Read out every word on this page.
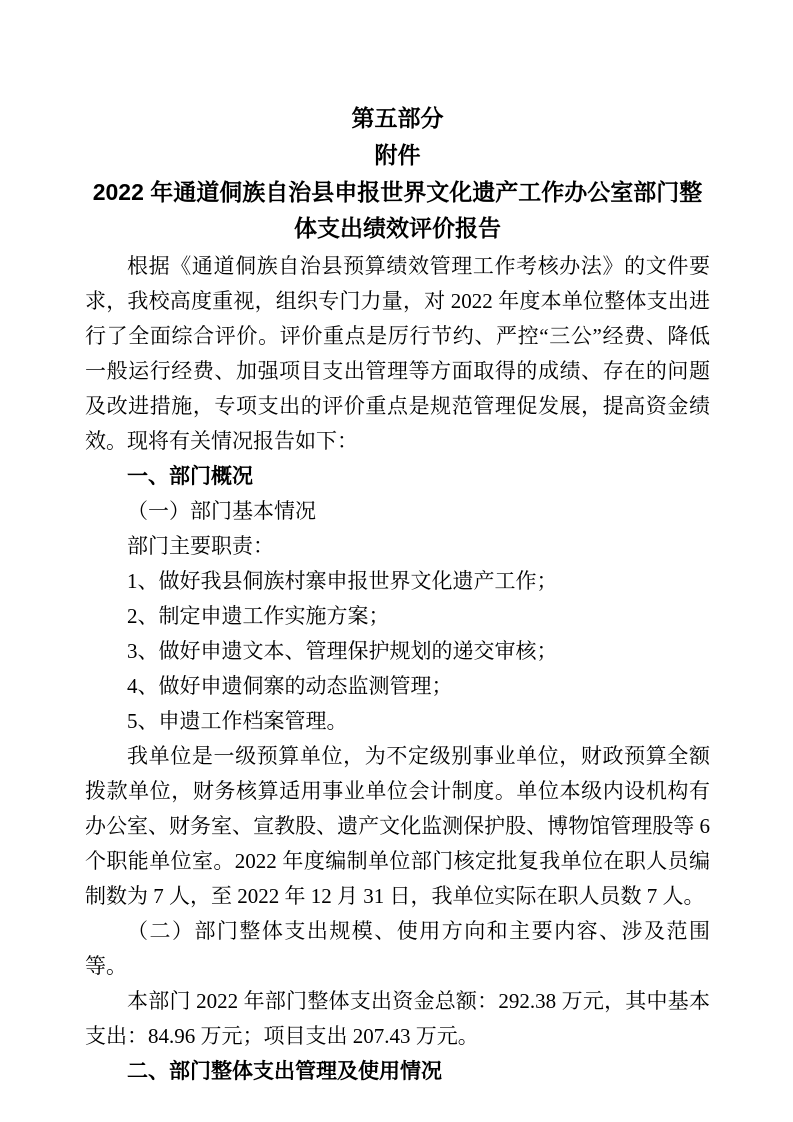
第五部分
附件
2022 年通道侗族自治县申报世界文化遗产工作办公室部门整
体支出绩效评价报告

根据《通道侗族自治县预算绩效管理工作考核办法》的文件要求，我校高度重视，组织专门力量，对 2022 年度本单位整体支出进行了全面综合评价。评价重点是厉行节约、严控“三公”经费、降低一般运行经费、加强项目支出管理等方面取得的成绩、存在的问题及改进措施，专项支出的评价重点是规范管理促发展，提高资金绩效。现将有关情况报告如下：

一、部门概况

（一）部门基本情况

部门主要职责：

1、做好我县侗族村寨申报世界文化遗产工作；

2、制定申遗工作实施方案；

3、做好申遗文本、管理保护规划的递交审核；

4、做好申遗侗寨的动态监测管理；

5、申遗工作档案管理。

我单位是一级预算单位，为不定级别事业单位，财政预算全额拨款单位，财务核算适用事业单位会计制度。单位本级内设机构有办公室、财务室、宣教股、遗产文化监测保护股、博物馆管理股等 6 个职能单位室。2022 年度编制单位部门核定批复我单位在职人员编制数为 7 人，至 2022 年 12 月 31 日，我单位实际在职人员数 7 人。

（二）部门整体支出规模、使用方向和主要内容、涉及范围等。

本部门 2022 年部门整体支出资金总额：292.38 万元，其中基本支出：84.96 万元；项目支出 207.43 万元。

二、部门整体支出管理及使用情况
